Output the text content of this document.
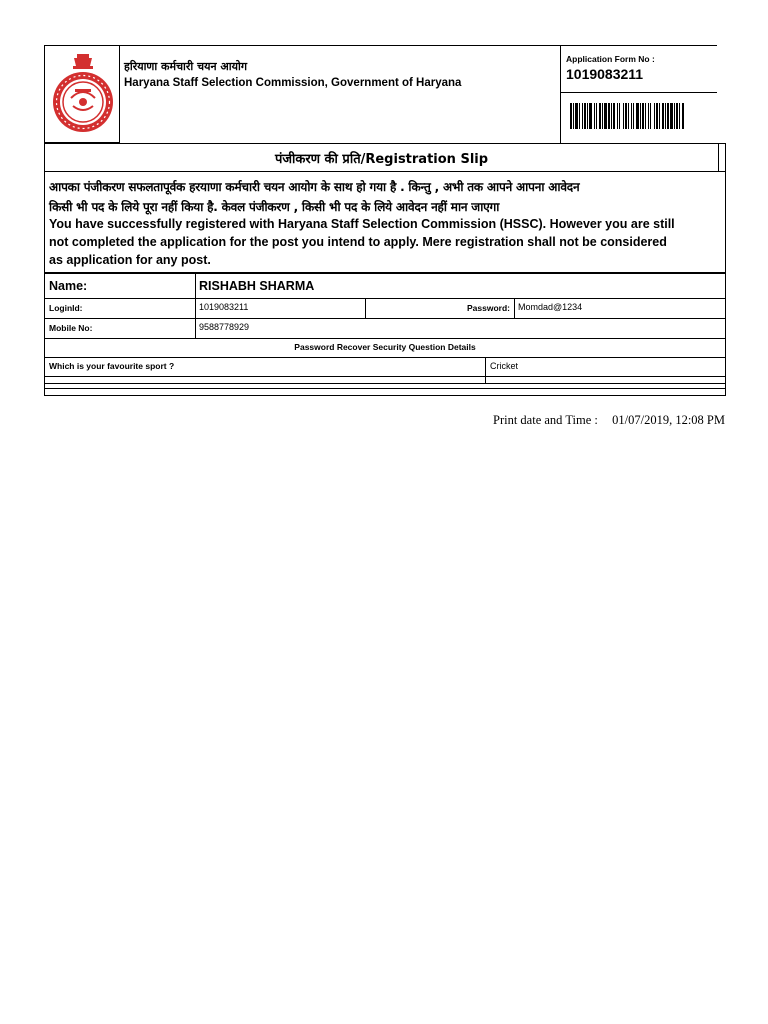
हरियाणा कर्मचारी चयन आयोग
Haryana Staff Selection Commission, Government of Haryana
Application Form No :
1019083211
पंजीकरण की प्रति/Registration Slip
आपका पंजीकरण सफलतापूर्वक हरयाणा कर्मचारी चयन आयोग के साथ हो गया है . किन्तु , अभी तक आपने आपना आवेदन
किसी भी पद के लिये पूरा नहीं किया है. केवल पंजीकरण , किसी भी पद के लिये आवेदन नहीं मान जाएगा
You have successfully registered with Haryana Staff Selection Commission (HSSC). However you are still
not completed the application for the post you intend to apply. Mere registration shall not be considered
as application for any post.
Name:	RISHABH SHARMA
LoginId:	1019083211	Password: Momdad@1234
Mobile No:	9588778929
Password Recover Security Question Details
Which is your favourite sport ?	Cricket
Print date and Time : 01/07/2019, 12:08 PM
